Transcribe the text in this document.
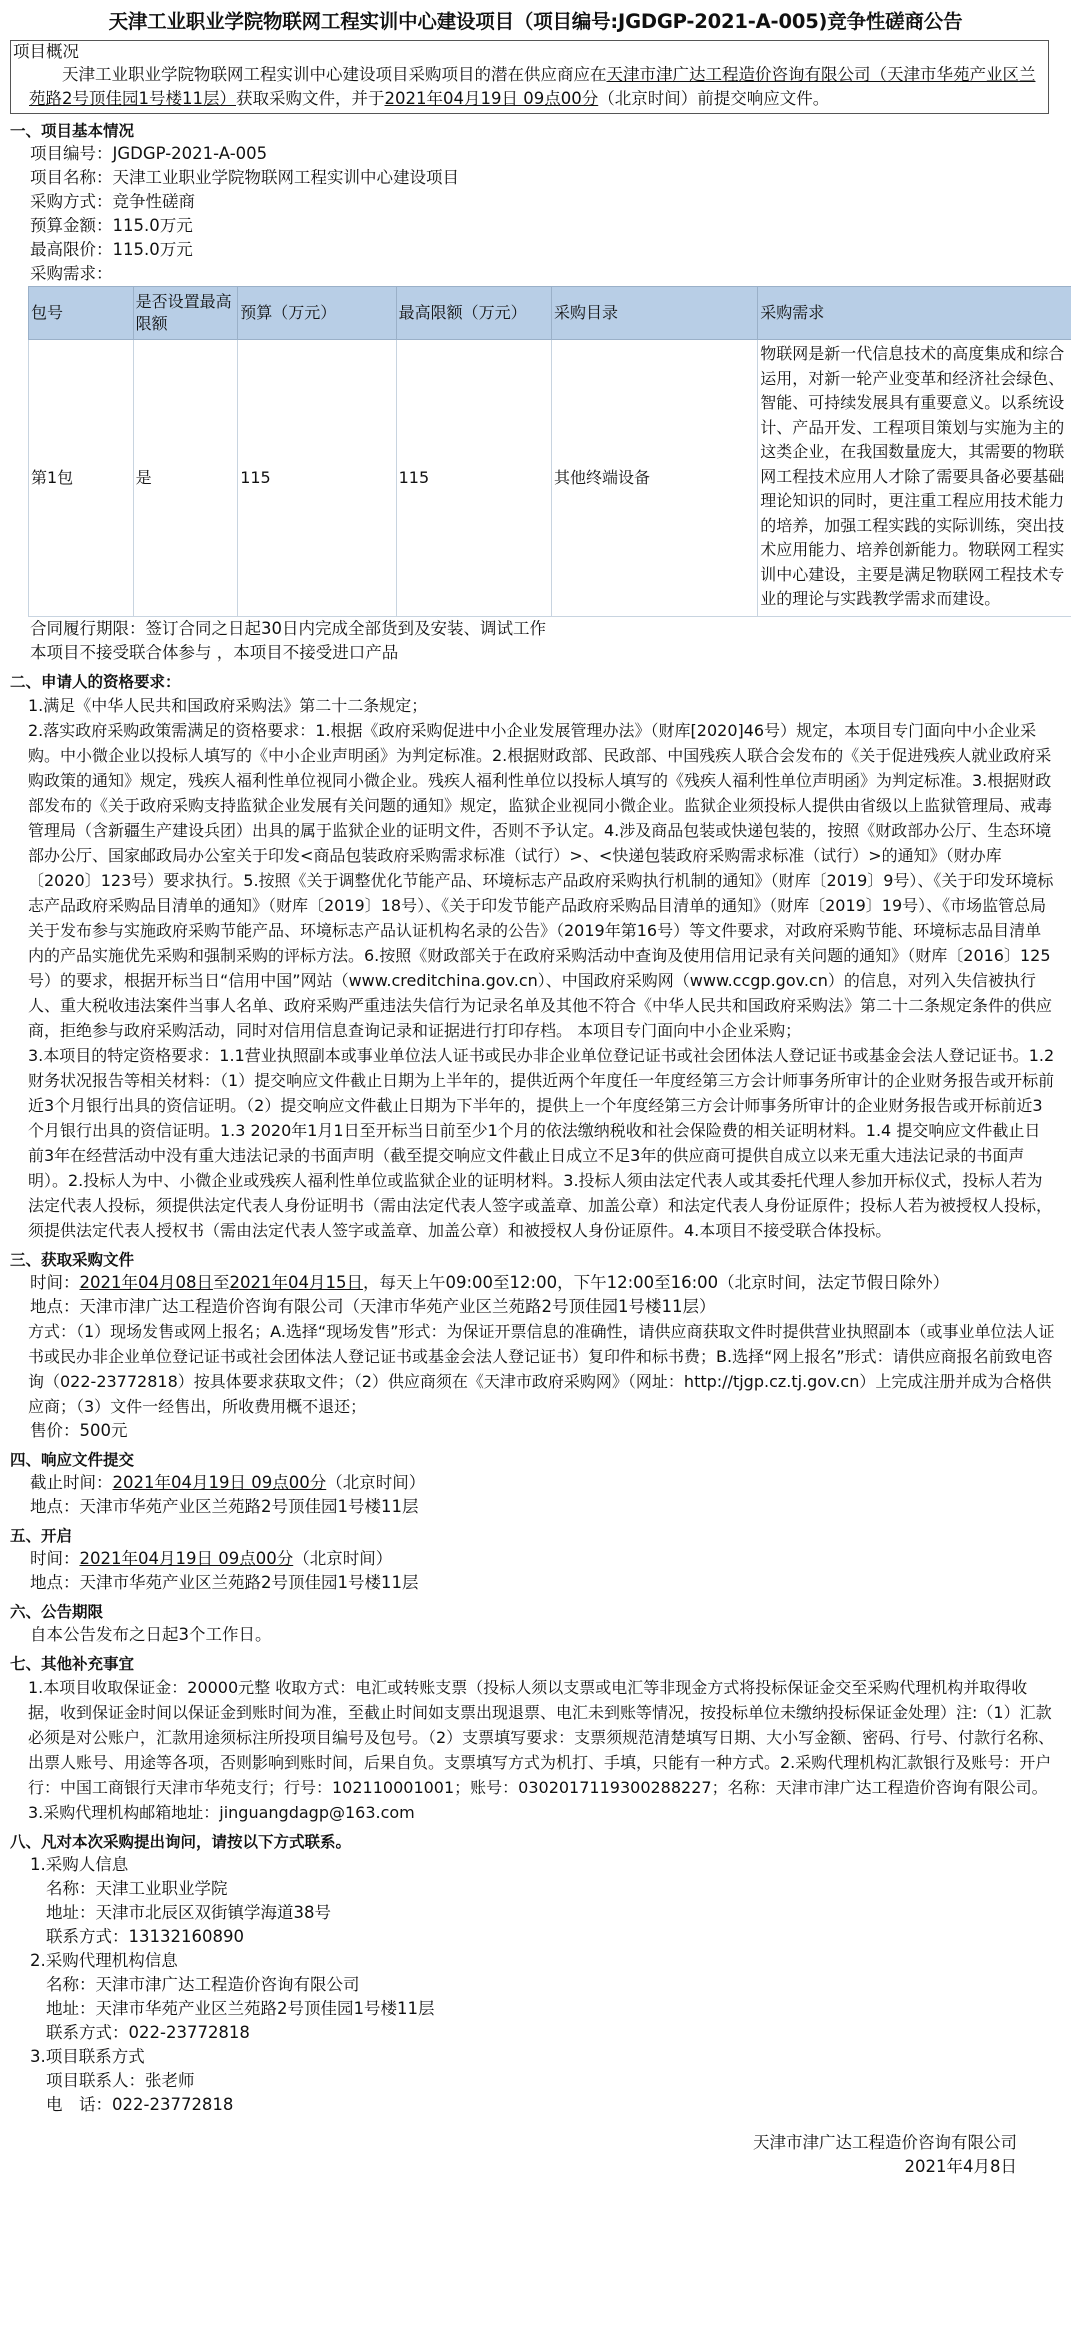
天津工业职业学院物联网工程实训中心建设项目（项目编号:JGDGP-2021-A-005)竞争性磋商公告
项目概况
天津工业职业学院物联网工程实训中心建设项目采购项目的潜在供应商应在天津市津广达工程造价咨询有限公司（天津市华苑产业区兰苑路2号顶佳园1号楼11层）获取采购文件，并于2021年04月19日 09点00分（北京时间）前提交响应文件。
一、项目基本情况
项目编号：JGDGP-2021-A-005
项目名称：天津工业职业学院物联网工程实训中心建设项目
采购方式：竞争性磋商
预算金额：115.0万元
最高限价：115.0万元
采购需求：
包号	是否设置最高限额	预算（万元）	最高限额（万元）	采购目录	采购需求
第1包	是	115	115	其他终端设备	物联网是新一代信息技术的高度集成和综合运用，对新一轮产业变革和经济社会绿色、智能、可持续发展具有重要意义。以系统设计、产品开发、工程项目策划与实施为主的这类企业，在我国数量庞大，其需要的物联网工程技术应用人才除了需要具备必要基础理论知识的同时，更注重工程应用技术能力的培养，加强工程实践的实际训练，突出技术应用能力、培养创新能力。物联网工程实训中心建设，主要是满足物联网工程技术专业的理论与实践教学需求而建设。
合同履行期限：签订合同之日起30日内完成全部货到及安装、调试工作
本项目不接受联合体参与 ，本项目不接受进口产品
二、申请人的资格要求：
1.满足《中华人民共和国政府采购法》第二十二条规定；
2.落实政府采购政策需满足的资格要求：1.根据《政府采购促进中小企业发展管理办法》（财库[2020]46号）规定，本项目专门面向中小企业采购。中小微企业以投标人填写的《中小企业声明函》为判定标准。2.根据财政部、民政部、中国残疾人联合会发布的《关于促进残疾人就业政府采购政策的通知》规定，残疾人福利性单位视同小微企业。残疾人福利性单位以投标人填写的《残疾人福利性单位声明函》为判定标准。3.根据财政部发布的《关于政府采购支持监狱企业发展有关问题的通知》规定，监狱企业视同小微企业。监狱企业须投标人提供由省级以上监狱管理局、戒毒管理局（含新疆生产建设兵团）出具的属于监狱企业的证明文件，否则不予认定。4.涉及商品包装或快递包装的，按照《财政部办公厅、生态环境部办公厅、国家邮政局办公室关于印发<商品包装政府采购需求标准（试行）>、<快递包装政府采购需求标准（试行）>的通知》（财办库〔2020〕123号）要求执行。5.按照《关于调整优化节能产品、环境标志产品政府采购执行机制的通知》（财库〔2019〕9号）、《关于印发环境标志产品政府采购品目清单的通知》（财库〔2019〕18号）、《关于印发节能产品政府采购品目清单的通知》（财库〔2019〕19号）、《市场监管总局关于发布参与实施政府采购节能产品、环境标志产品认证机构名录的公告》（2019年第16号）等文件要求，对政府采购节能、环境标志品目清单内的产品实施优先采购和强制采购的评标方法。6.按照《财政部关于在政府采购活动中查询及使用信用记录有关问题的通知》（财库〔2016〕125号）的要求，根据开标当日“信用中国”网站（www.creditchina.gov.cn）、中国政府采购网（www.ccgp.gov.cn）的信息，对列入失信被执行人、重大税收违法案件当事人名单、政府采购严重违法失信行为记录名单及其他不符合《中华人民共和国政府采购法》第二十二条规定条件的供应商，拒绝参与政府采购活动，同时对信用信息查询记录和证据进行打印存档。 本项目专门面向中小企业采购；
3.本项目的特定资格要求：1.1营业执照副本或事业单位法人证书或民办非企业单位登记证书或社会团体法人登记证书或基金会法人登记证书。1.2 财务状况报告等相关材料：（1）提交响应文件截止日期为上半年的，提供近两个年度任一年度经第三方会计师事务所审计的企业财务报告或开标前近3个月银行出具的资信证明。（2）提交响应文件截止日期为下半年的，提供上一个年度经第三方会计师事务所审计的企业财务报告或开标前近3个月银行出具的资信证明。1.3 2020年1月1日至开标当日前至少1个月的依法缴纳税收和社会保险费的相关证明材料。1.4 提交响应文件截止日前3年在经营活动中没有重大违法记录的书面声明（截至提交响应文件截止日成立不足3年的供应商可提供自成立以来无重大违法记录的书面声明）。2.投标人为中、小微企业或残疾人福利性单位或监狱企业的证明材料。3.投标人须由法定代表人或其委托代理人参加开标仪式，投标人若为法定代表人投标，须提供法定代表人身份证明书（需由法定代表人签字或盖章、加盖公章）和法定代表人身份证原件；投标人若为被授权人投标，须提供法定代表人授权书（需由法定代表人签字或盖章、加盖公章）和被授权人身份证原件。4.本项目不接受联合体投标。
三、获取采购文件
时间：2021年04月08日至2021年04月15日，每天上午09:00至12:00，下午12:00至16:00（北京时间，法定节假日除外）
地点：天津市津广达工程造价咨询有限公司（天津市华苑产业区兰苑路2号顶佳园1号楼11层）
方式：（1）现场发售或网上报名；A.选择“现场发售”形式：为保证开票信息的准确性，请供应商获取文件时提供营业执照副本（或事业单位法人证书或民办非企业单位登记证书或社会团体法人登记证书或基金会法人登记证书）复印件和标书费；B.选择“网上报名”形式：请供应商报名前致电咨询（022-23772818）按具体要求获取文件；（2）供应商须在《天津市政府采购网》（网址：http://tjgp.cz.tj.gov.cn）上完成注册并成为合格供应商；（3）文件一经售出，所收费用概不退还；
售价：500元
四、响应文件提交
截止时间：2021年04月19日 09点00分（北京时间）
地点：天津市华苑产业区兰苑路2号顶佳园1号楼11层
五、开启
时间：2021年04月19日 09点00分（北京时间）
地点：天津市华苑产业区兰苑路2号顶佳园1号楼11层
六、公告期限
自本公告发布之日起3个工作日。
七、其他补充事宜
1.本项目收取保证金：20000元整 收取方式：电汇或转账支票（投标人须以支票或电汇等非现金方式将投标保证金交至采购代理机构并取得收据，收到保证金时间以保证金到账时间为准，至截止时间如支票出现退票、电汇未到账等情况，按投标单位未缴纳投标保证金处理）注:（1）汇款必须是对公账户，汇款用途须标注所投项目编号及包号。（2）支票填写要求：支票须规范清楚填写日期、大小写金额、密码、行号、付款行名称、出票人账号、用途等各项，否则影响到账时间，后果自负。支票填写方式为机打、手填，只能有一种方式。2.采购代理机构汇款银行及账号：开户行：中国工商银行天津市华苑支行；行号：102110001001；账号：0302017119300288227；名称：天津市津广达工程造价咨询有限公司。3.采购代理机构邮箱地址：jinguangdagp@163.com
八、凡对本次采购提出询问，请按以下方式联系。
1.采购人信息
名称：天津工业职业学院
地址：天津市北辰区双街镇学海道38号
联系方式：13132160890
2.采购代理机构信息
名称：天津市津广达工程造价咨询有限公司
地址：天津市华苑产业区兰苑路2号顶佳园1号楼11层
联系方式：022-23772818
3.项目联系方式
项目联系人：张老师
电　话：022-23772818
天津市津广达工程造价咨询有限公司
2021年4月8日
